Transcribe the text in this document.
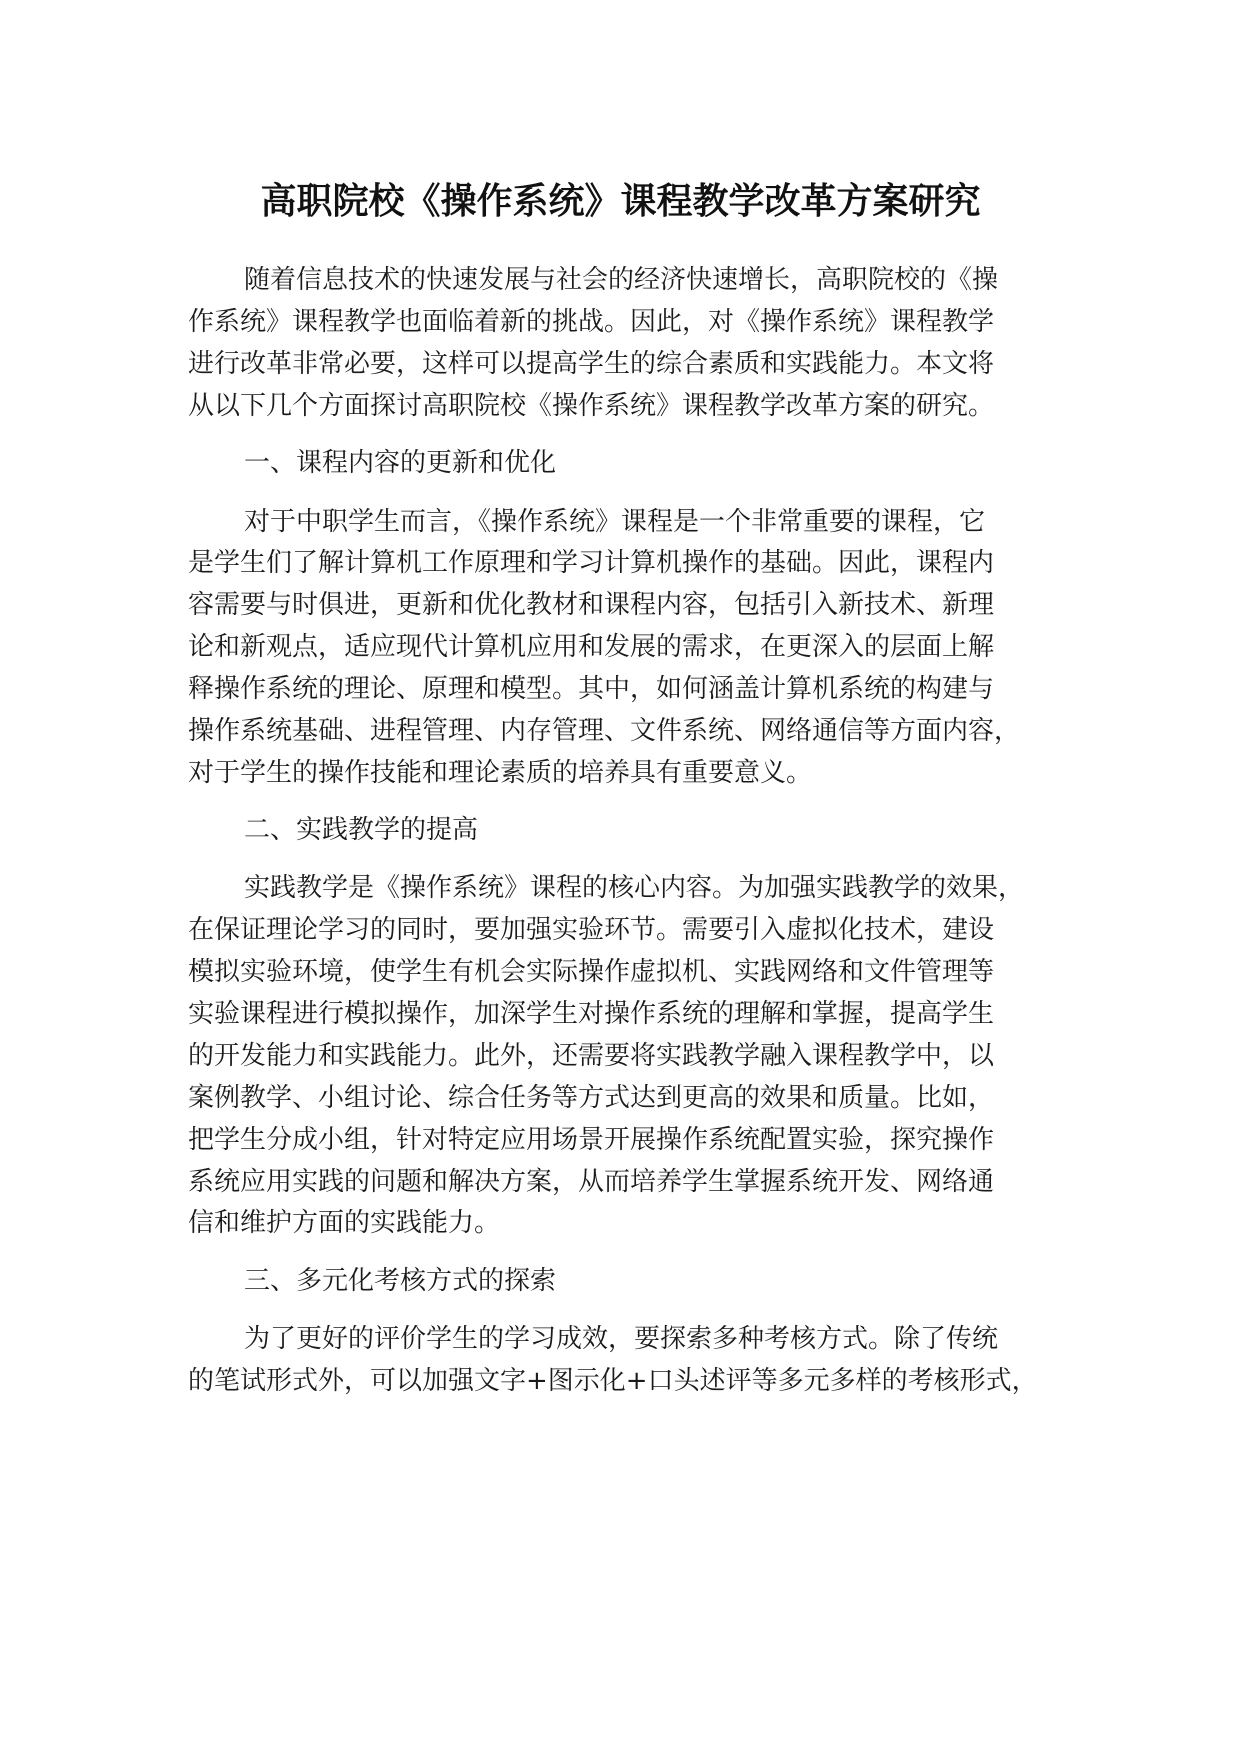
高职院校《操作系统》课程教学改革方案研究

随着信息技术的快速发展与社会的经济快速增长，高职院校的《操

作系统》课程教学也面临着新的挑战。因此，对《操作系统》课程教学

进行改革非常必要，这样可以提高学生的综合素质和实践能力。本文将

从以下几个方面探讨高职院校《操作系统》课程教学改革方案的研究。

一、课程内容的更新和优化

对于中职学生而言，《操作系统》课程是一个非常重要的课程，它

是学生们了解计算机工作原理和学习计算机操作的基础。因此，课程内

容需要与时俱进，更新和优化教材和课程内容，包括引入新技术、新理

论和新观点，适应现代计算机应用和发展的需求，在更深入的层面上解

释操作系统的理论、原理和模型。其中，如何涵盖计算机系统的构建与

操作系统基础、进程管理、内存管理、文件系统、网络通信等方面内容，

对于学生的操作技能和理论素质的培养具有重要意义。

二、实践教学的提高

实践教学是《操作系统》课程的核心内容。为加强实践教学的效果，

在保证理论学习的同时，要加强实验环节。需要引入虚拟化技术，建设

模拟实验环境，使学生有机会实际操作虚拟机、实践网络和文件管理等

实验课程进行模拟操作，加深学生对操作系统的理解和掌握，提高学生

的开发能力和实践能力。此外，还需要将实践教学融入课程教学中，以

案例教学、小组讨论、综合任务等方式达到更高的效果和质量。比如，

把学生分成小组，针对特定应用场景开展操作系统配置实验，探究操作

系统应用实践的问题和解决方案，从而培养学生掌握系统开发、网络通

信和维护方面的实践能力。

三、多元化考核方式的探索

为了更好的评价学生的学习成效，要探索多种考核方式。除了传统

的笔试形式外，可以加强文字+图示化+口头述评等多元多样的考核形式，
